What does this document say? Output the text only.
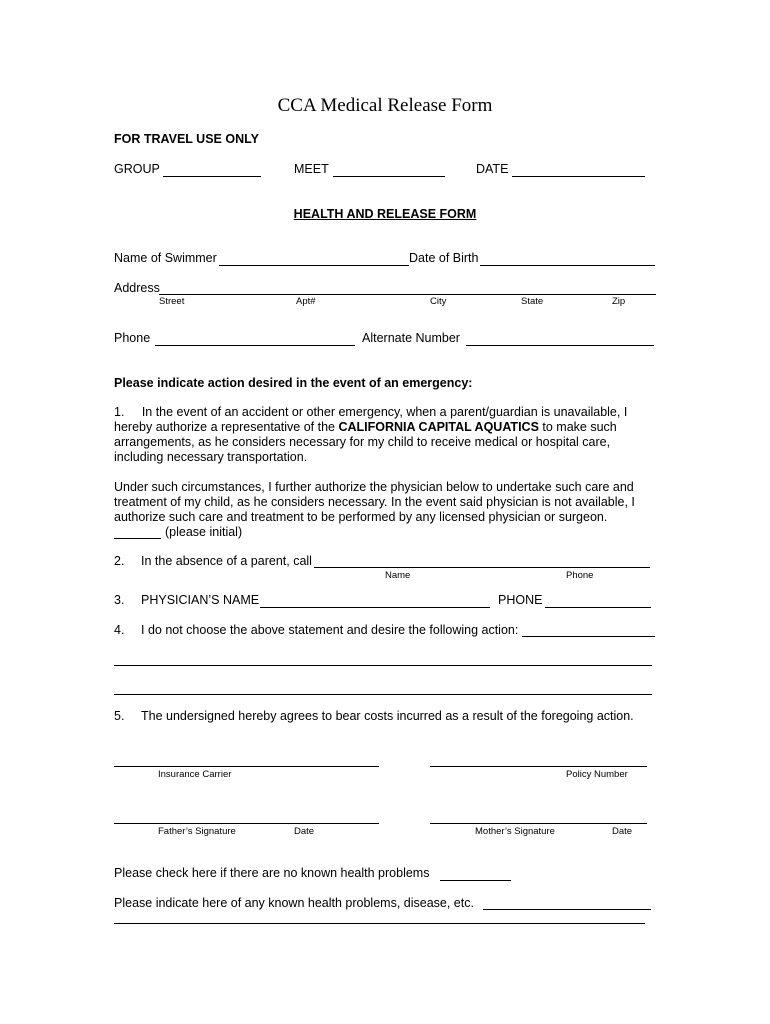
CCA Medical Release Form
FOR TRAVEL USE ONLY
GROUP	MEET	DATE
HEALTH AND RELEASE FORM
Name of Swimmer	Date of Birth
Address
Street	Apt#	City	State	Zip
Phone	Alternate Number
Please indicate action desired in the event of an emergency:
1. In the event of an accident or other emergency, when a parent/guardian is unavailable, I hereby authorize a representative of the CALIFORNIA CAPITAL AQUATICS to make such arrangements, as he considers necessary for my child to receive medical or hospital care, including necessary transportation.
Under such circumstances, I further authorize the physician below to undertake such care and treatment of my child, as he considers necessary. In the event said physician is not available, I authorize such care and treatment to be performed by any licensed physician or surgeon.
(please initial)
2. In the absence of a parent, call
Name	Phone
3. PHYSICIAN’S NAME	PHONE
4. I do not choose the above statement and desire the following action:
5. The undersigned hereby agrees to bear costs incurred as a result of the foregoing action.
Insurance Carrier	Policy Number
Father’s Signature	Date	Mother’s Signature	Date
Please check here if there are no known health problems
Please indicate here of any known health problems, disease, etc.
